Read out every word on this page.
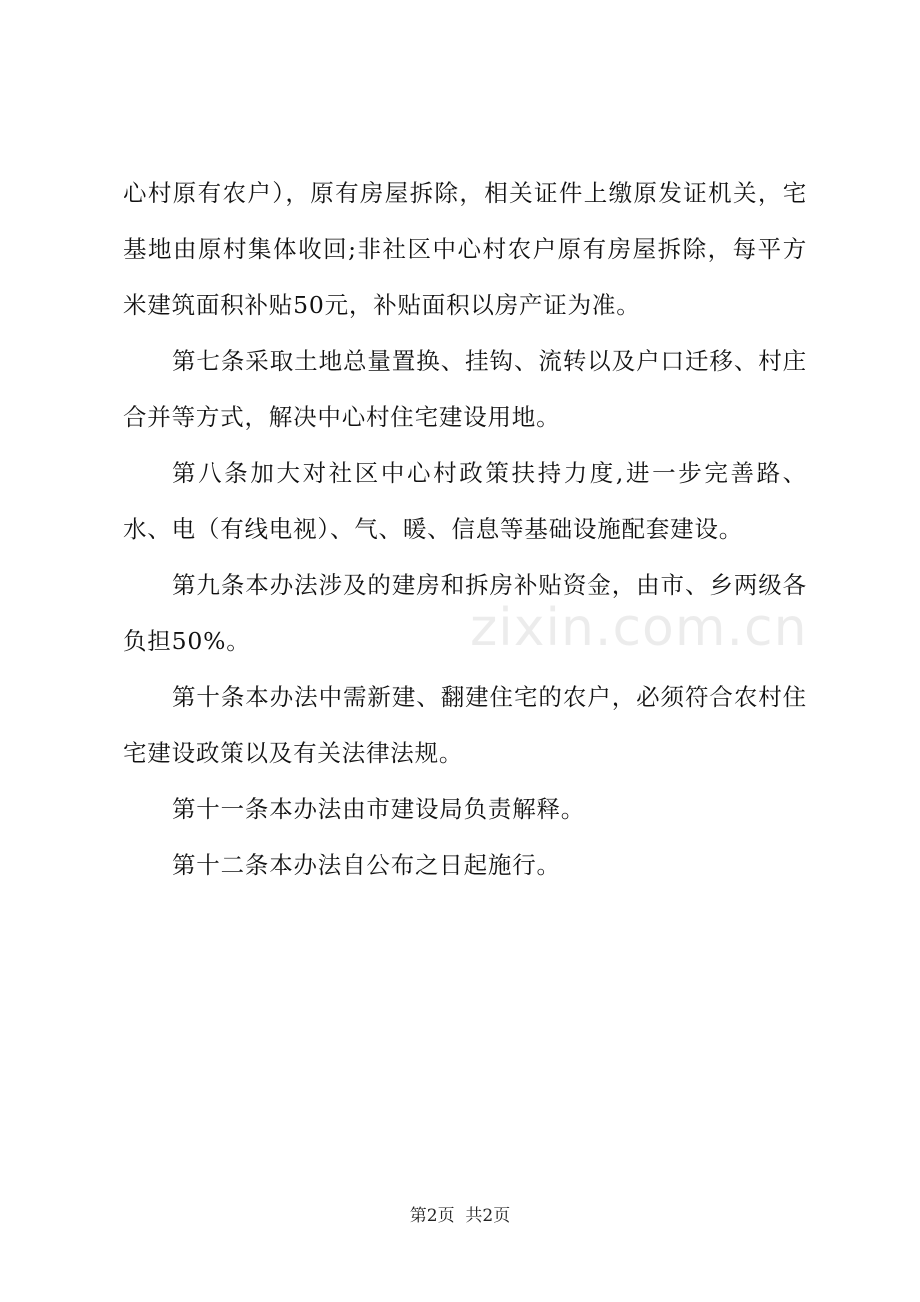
心村原有农户），原有房屋拆除，相关证件上缴原发证机关，宅基地由原村集体收回;非社区中心村农户原有房屋拆除，每平方米建筑面积补贴50元，补贴面积以房产证为准。

第七条采取土地总量置换、挂钩、流转以及户口迁移、村庄合并等方式，解决中心村住宅建设用地。

第八条加大对社区中心村政策扶持力度,进一步完善路、水、电（有线电视）、气、暖、信息等基础设施配套建设。

第九条本办法涉及的建房和拆房补贴资金，由市、乡两级各负担50%。

第十条本办法中需新建、翻建住宅的农户，必须符合农村住宅建设政策以及有关法律法规。

第十一条本办法由市建设局负责解释。

第十二条本办法自公布之日起施行。

zixin.com.cn
第2页  共2页
